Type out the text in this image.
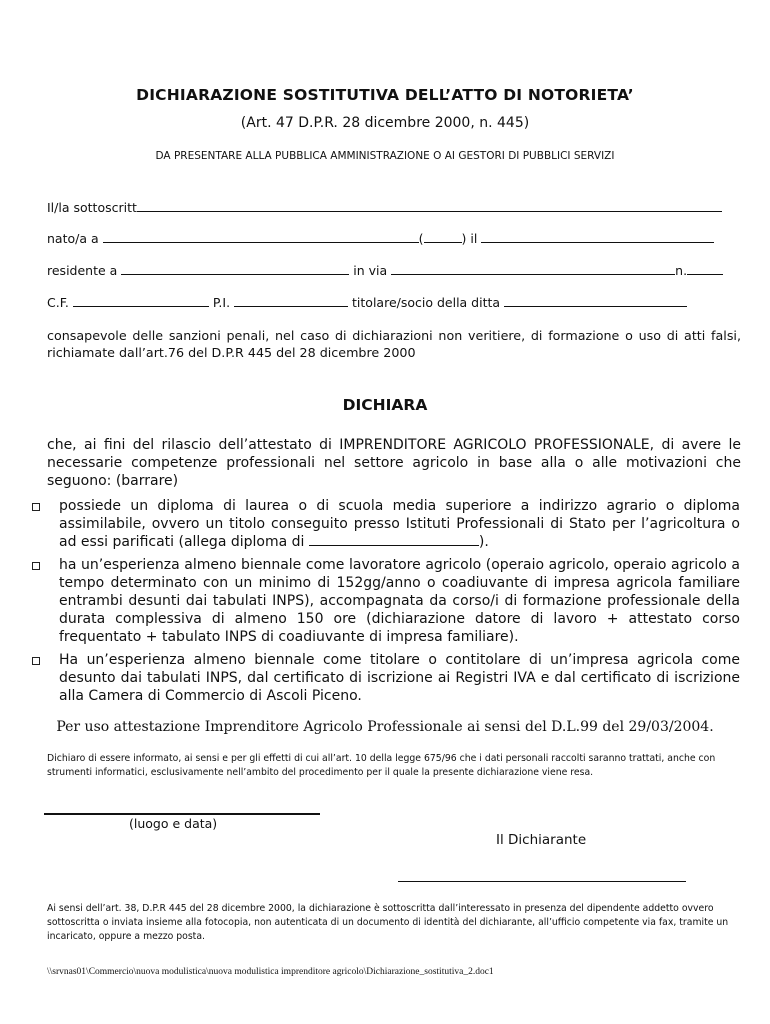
DICHIARAZIONE SOSTITUTIVA DELL’ATTO DI NOTORIETA’
(Art. 47 D.P.R. 28 dicembre 2000, n. 445)
DA PRESENTARE ALLA PUBBLICA AMMINISTRAZIONE O AI GESTORI DI PUBBLICI SERVIZI
Il/la sottoscritt
nato/a a	(	) il
residente a	in via	n.
C.F.	P.I.	titolare/socio della ditta
consapevole delle sanzioni penali, nel caso di dichiarazioni non veritiere, di formazione o uso di atti falsi, richiamate dall’art.76 del D.P.R 445 del 28 dicembre 2000
DICHIARA
che, ai fini del rilascio dell’attestato di IMPRENDITORE AGRICOLO PROFESSIONALE, di avere le necessarie competenze professionali nel settore agricolo in base alla o alle motivazioni che seguono: (barrare)
possiede un diploma di laurea o di scuola media superiore a indirizzo agrario o diploma assimilabile, ovvero un titolo conseguito presso Istituti Professionali di Stato per l’agricoltura o ad essi parificati (allega diploma di	).
ha un’esperienza almeno biennale come lavoratore agricolo (operaio agricolo, operaio agricolo a tempo determinato con un minimo di 152gg/anno o coadiuvante di impresa agricola familiare entrambi desunti dai tabulati INPS), accompagnata da corso/i di formazione professionale della durata complessiva di almeno 150 ore (dichiarazione datore di lavoro + attestato corso frequentato + tabulato INPS di coadiuvante di impresa familiare).
Ha un’esperienza almeno biennale come titolare o contitolare di un’impresa agricola come desunto dai tabulati INPS, dal certificato di iscrizione ai Registri IVA e dal certificato di iscrizione alla Camera di Commercio di Ascoli Piceno.
Per uso attestazione Imprenditore Agricolo Professionale ai sensi del D.L.99 del 29/03/2004.
Dichiaro di essere informato, ai sensi e per gli effetti di cui all’art. 10 della legge 675/96 che i dati personali raccolti saranno trattati, anche con strumenti informatici, esclusivamente nell’ambito del procedimento per il quale la presente dichiarazione viene resa.
(luogo e data)
Il Dichiarante
Ai sensi dell’art. 38, D.P.R 445 del 28 dicembre 2000, la dichiarazione è sottoscritta dall’interessato in presenza del dipendente addetto ovvero sottoscritta o inviata insieme alla fotocopia, non autenticata di un documento di identità del dichiarante, all’ufficio competente via fax, tramite un incaricato, oppure a mezzo posta.
\\srvnas01\Commercio\nuova modulistica\nuova modulistica imprenditore agricolo\Dichiarazione_sostitutiva_2.doc1
